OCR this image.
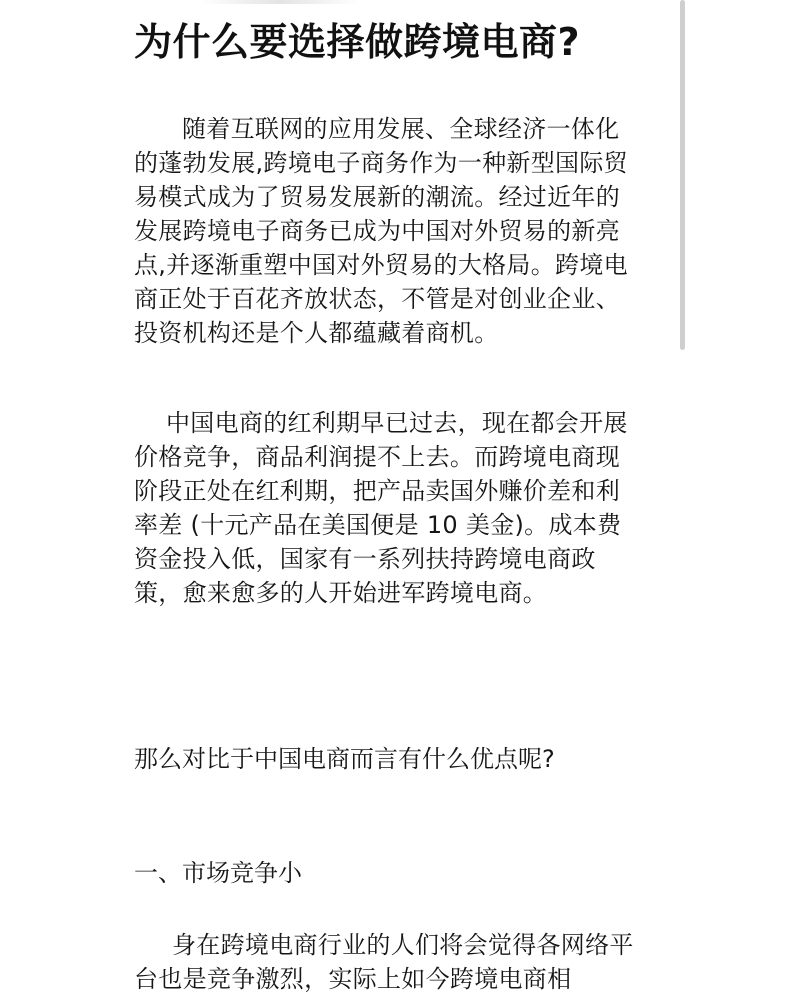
为什么要选择做跨境电商?

随着互联网的应用发展、全球经济一体化的蓬勃发展,跨境电子商务作为一种新型国际贸易模式成为了贸易发展新的潮流。经过近年的发展跨境电子商务已成为中国对外贸易的新亮点,并逐渐重塑中国对外贸易的大格局。跨境电商正处于百花齐放状态，不管是对创业企业、投资机构还是个人都蕴藏着商机。

中国电商的红利期早已过去，现在都会开展价格竞争，商品利润提不上去。而跨境电商现阶段正处在红利期，把产品卖国外赚价差和利率差 (十元产品在美国便是 10 美金)。成本费资金投入低，国家有一系列扶持跨境电商政策，愈来愈多的人开始进军跨境电商。

那么对比于中国电商而言有什么优点呢?

一、市场竞争小

身在跨境电商行业的人们将会觉得各网络平台也是竞争激烈，实际上如今跨境电商相
